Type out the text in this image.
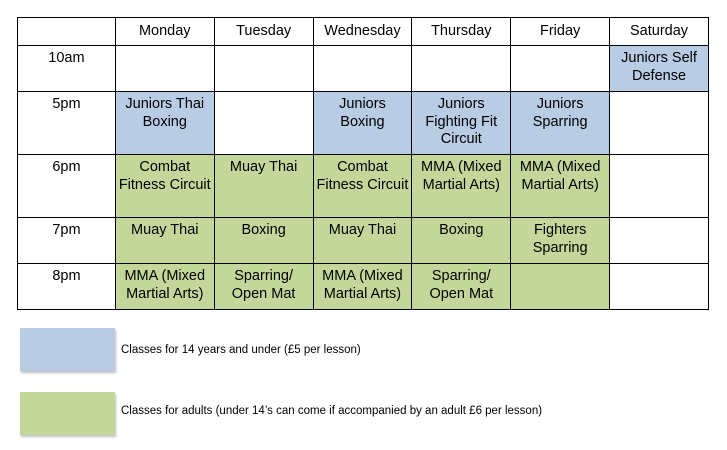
	Monday	Tuesday	Wednesday	Thursday	Friday	Saturday

10am						Juniors Self Defense

5pm	Juniors Thai Boxing		Juniors Boxing	Juniors Fighting Fit Circuit	Juniors Sparring	

6pm	Combat Fitness Circuit	Muay Thai	Combat Fitness Circuit	MMA (Mixed Martial Arts)	MMA (Mixed Martial Arts)	

7pm	Muay Thai	Boxing	Muay Thai	Boxing	Fighters Sparring	

8pm	MMA (Mixed Martial Arts)	Sparring/ Open Mat	MMA (Mixed Martial Arts)	Sparring/ Open Mat		

Classes for 14 years and under (£5 per lesson)
Classes for adults (under 14’s can come if accompanied by an adult £6 per lesson)
